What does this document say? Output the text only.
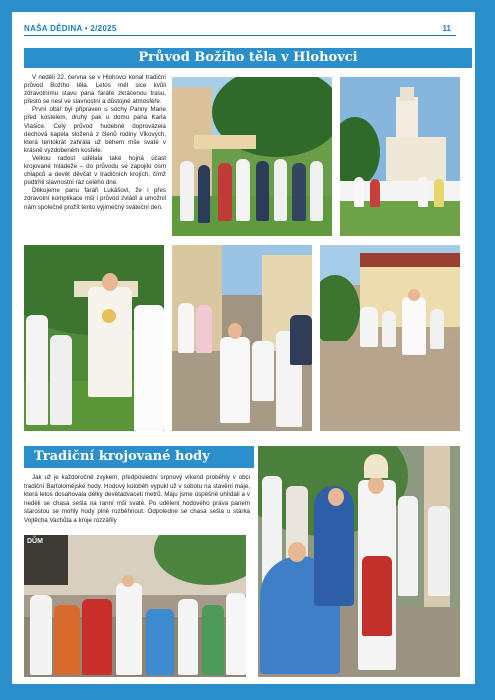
NAŠA DĚDINA • 2/2025	11
Průvod Božího těla v Hlohovci

V neděli 22. června se v Hlohovci konal tradiční průvod Božího těla. Letos měl sice kvůli zdravotnímu stavu pana faráře zkrácenou trasu, přesto se nesl ve slavnostní a důstojné atmosféře.

První oltář byl připraven u sochy Panny Marie před kostelem, druhý pak u domu pana Karla Vlašice. Celý průvod hudebně doprovázela dechová kapela složená z členů rodiny Vlkových, která tentokrát zahrála už během mše svaté v krásně vyzdobeném kostele.

Velkou radost udělala také hojná účast krojované mládeže – do průvodu se zapojilo osm chlapců a devět děvčat v tradičních krojích, čímž podtrhli slavnostní ráz celého dne.

Děkujeme panu faráři Lukášovi, že i přes zdravotní komplikace mši i průvod zvládl a umožnil nám společně prožít tento výjimečný sváteční den.

Tradiční krojované hody

Jak už je každoročně zvykem, předposlední srpnový víkend proběhly v obci tradiční Bartolomějské hody. Hodový koloběh vypukl už v sobotu na stavění máje, která letos dosahovala délky devětadvaceti metrů. Máju jsme úspěšně uhlídali a v neděli se chasa sešla na ranní mši svaté. Po udělení hodového práva panem starostou se mohly hody plně rozběhnout. Odpoledne se chasa sešla u stárka Vojtěcha Vachůta a kroje rozzářily

DŮM
